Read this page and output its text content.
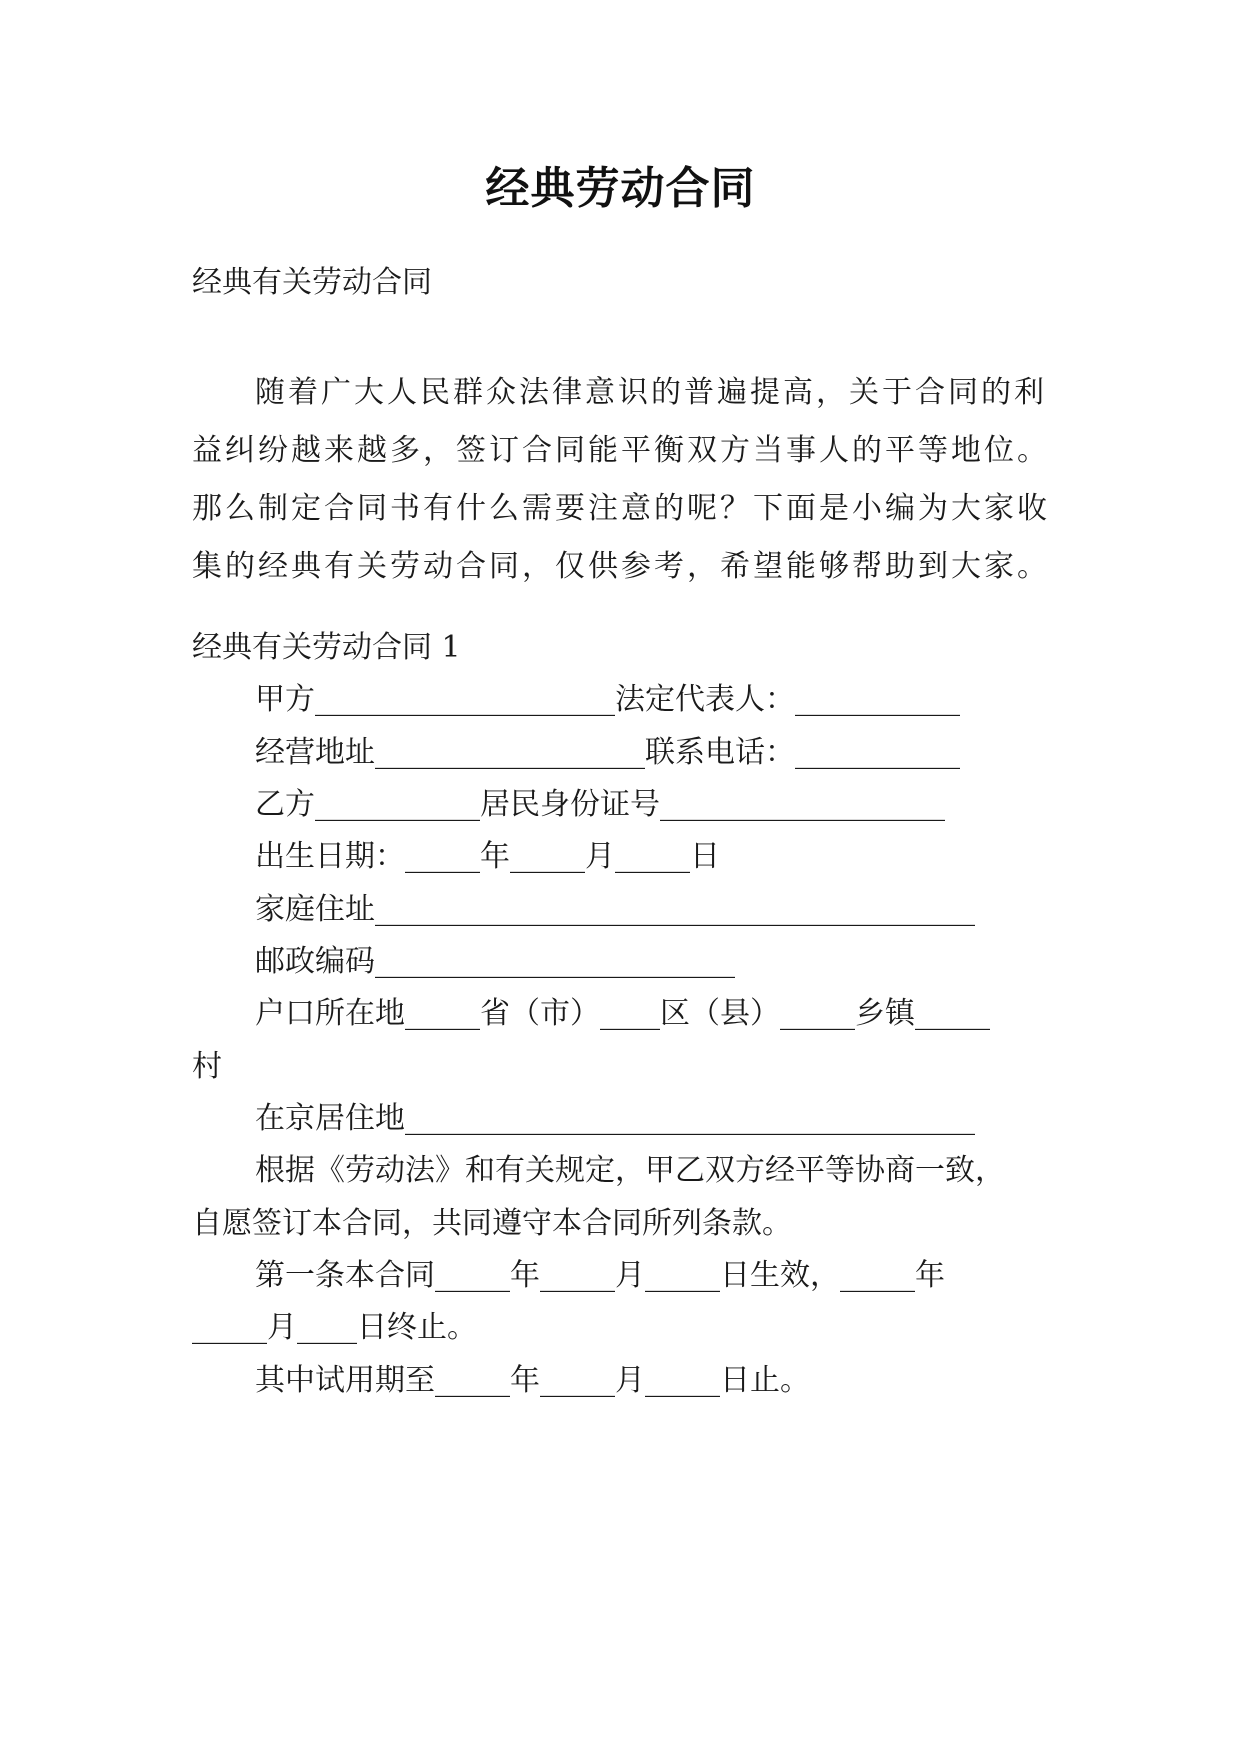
经典劳动合同
经典有关劳动合同
随着广大人民群众法律意识的普遍提高，关于合同的利益纠纷越来越多，签订合同能平衡双方当事人的平等地位。那么制定合同书有什么需要注意的呢？下面是小编为大家收集的经典有关劳动合同，仅供参考，希望能够帮助到大家。
经典有关劳动合同 1
甲方____________________法定代表人：___________
经营地址__________________联系电话：___________
乙方___________居民身份证号___________________
出生日期：_____年_____月_____日
家庭住址________________________________________
邮政编码________________________
户口所在地_____省（市）____区（县）_____乡镇_____
村
在京居住地______________________________________
根据《劳动法》和有关规定，甲乙双方经平等协商一致，
自愿签订本合同，共同遵守本合同所列条款。
第一条本合同_____年_____月_____日生效，_____年
_____月____日终止。
其中试用期至_____年_____月_____日止。
